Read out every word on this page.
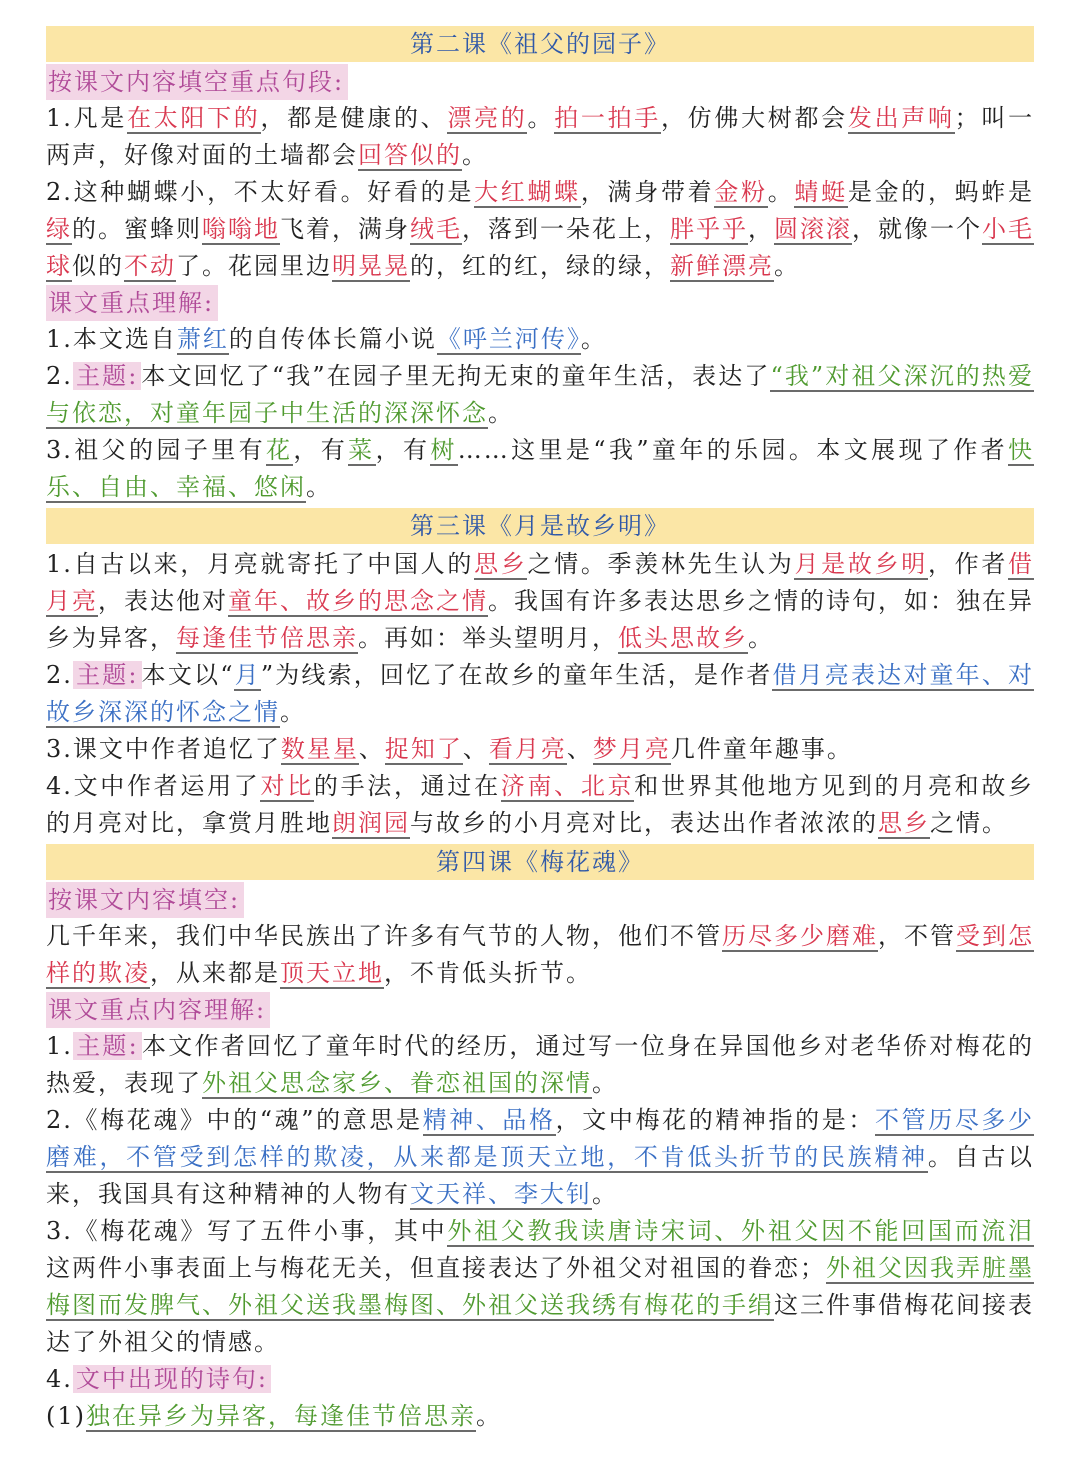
第二课《祖父的园子》
按课文内容填空重点句段:

1.凡是在太阳下的，都是健康的、漂亮的。拍一拍手，仿佛大树都会发出声响；叫一两声，好像对面的土墙都会回答似的。

2.这种蝴蝶小，不太好看。好看的是大红蝴蝶，满身带着金粉。蜻蜓是金的，蚂蚱是绿的。蜜蜂则嗡嗡地飞着，满身绒毛，落到一朵花上，胖乎乎，圆滚滚，就像一个小毛球似的不动了。花园里边明晃晃的，红的红，绿的绿，新鲜漂亮。

课文重点理解:

1.本文选自萧红的自传体长篇小说《呼兰河传》。

2. 主题: 本文回忆了“我”在园子里无拘无束的童年生活，表达了“我”对祖父深沉的热爱与依恋，对童年园子中生活的深深怀念。

3.祖父的园子里有花，有菜，有树……这里是“我”童年的乐园。本文展现了作者快乐、自由、幸福、悠闲。

第三课《月是故乡明》

1.自古以来，月亮就寄托了中国人的思乡之情。季羡林先生认为月是故乡明，作者借月亮，表达他对童年、故乡的思念之情。我国有许多表达思乡之情的诗句，如：独在异乡为异客，每逢佳节倍思亲。再如：举头望明月，低头思故乡。

2. 主题: 本文以“月”为线索，回忆了在故乡的童年生活，是作者借月亮表达对童年、对故乡深深的怀念之情。

3.课文中作者追忆了数星星、捉知了、看月亮、梦月亮几件童年趣事。

4.文中作者运用了对比的手法，通过在济南、北京和世界其他地方见到的月亮和故乡的月亮对比，拿赏月胜地朗润园与故乡的小月亮对比，表达出作者浓浓的思乡之情。

第四课《梅花魂》
按课文内容填空:

几千年来，我们中华民族出了许多有气节的人物，他们不管历尽多少磨难，不管受到怎样的欺凌，从来都是顶天立地，不肯低头折节。

课文重点内容理解:

1. 主题: 本文作者回忆了童年时代的经历，通过写一位身在异国他乡对老华侨对梅花的热爱，表现了外祖父思念家乡、眷恋祖国的深情。

2.《梅花魂》中的“魂”的意思是精神、品格，文中梅花的精神指的是：不管历尽多少磨难，不管受到怎样的欺凌，从来都是顶天立地，不肯低头折节的民族精神。自古以来，我国具有这种精神的人物有文天祥、李大钊。

3.《梅花魂》写了五件小事，其中外祖父教我读唐诗宋词、外祖父因不能回国而流泪这两件小事表面上与梅花无关，但直接表达了外祖父对祖国的眷恋；外祖父因我弄脏墨梅图而发脾气、外祖父送我墨梅图、外祖父送我绣有梅花的手绢这三件事借梅花间接表达了外祖父的情感。

4. 文中出现的诗句:

(1)独在异乡为异客，每逢佳节倍思亲。
